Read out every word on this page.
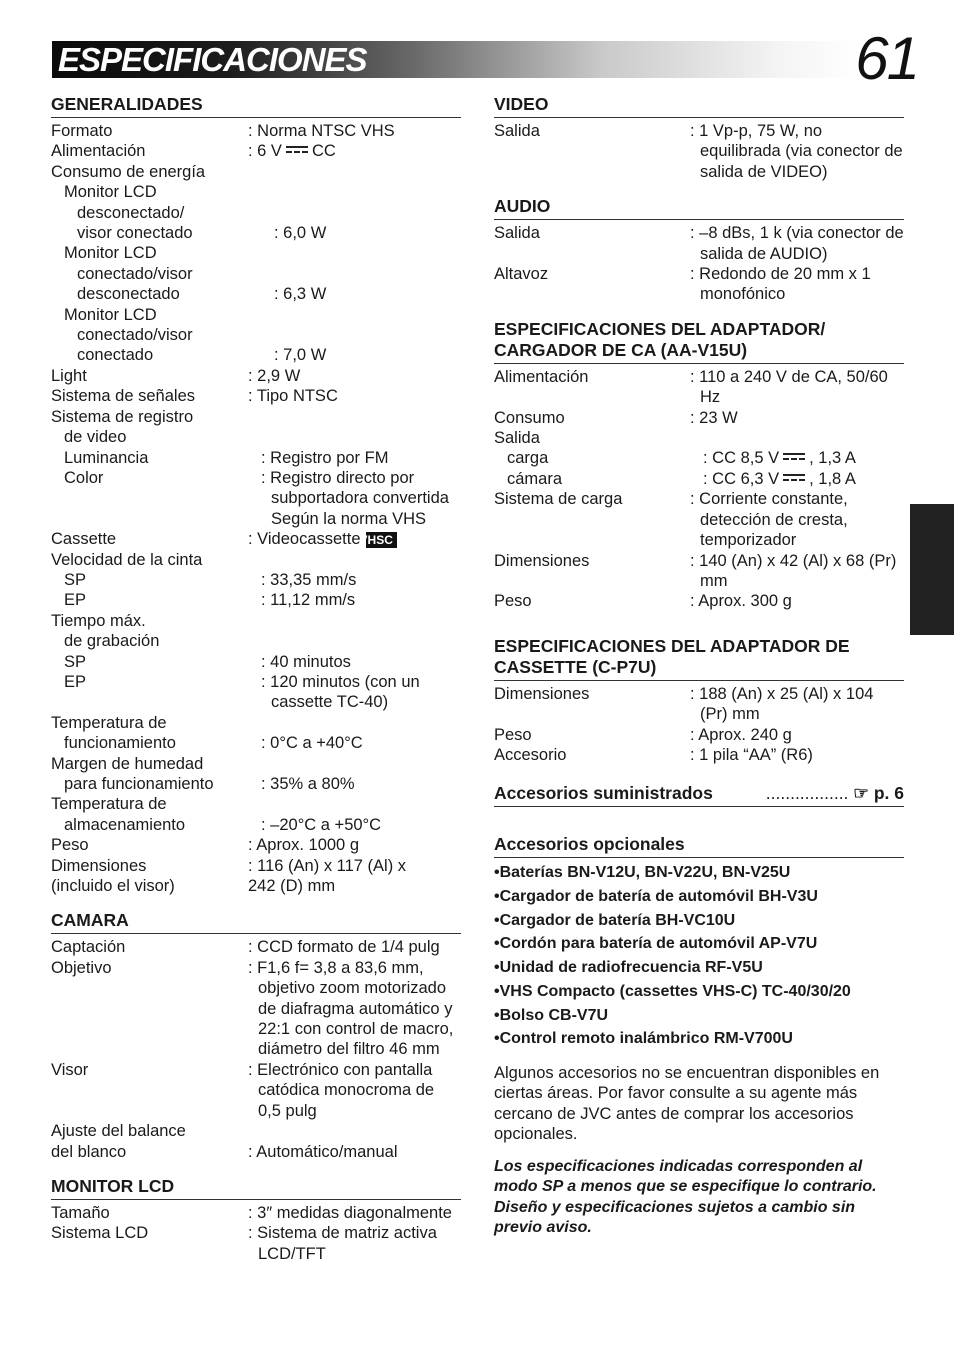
ESPECIFICACIONES	61
GENERALIDADES
Formato	: Norma NTSC VHS
Alimentación	: 6 V CC
Consumo de energía
Monitor LCD
desconectado/
visor conectado	: 6,0 W
Monitor LCD
conectado/visor
desconectado	: 6,3 W
Monitor LCD
conectado/visor
conectado	: 7,0 W
Light	: 2,9 W
Sistema de señales	: Tipo NTSC
Sistema de registro
de video
Luminancia	: Registro por FM
Color	: Registro directo por subportadora convertida Según la norma VHS
Cassette	: VideocassetteVHSC
Velocidad de la cinta
SP	: 33,35 mm/s
EP	: 11,12 mm/s
Tiempo máx.
de grabación
SP	: 40 minutos
EP	: 120 minutos (con un cassette TC-40)
Temperatura de
funcionamiento	: 0°C a +40°C
Margen de humedad
para funcionamiento	: 35% a 80%
Temperatura de
almacenamiento	: –20°C a +50°C
Peso	: Aprox. 1000 g
Dimensiones	: 116 (An) x 117 (Al) x
(incluido el visor)	242 (D) mm
CAMARA
Captación	: CCD formato de 1/4 pulg
Objetivo	: F1,6 f= 3,8 a 83,6 mm, objetivo zoom motorizado de diafragma automático y 22:1 con control de macro, diámetro del filtro 46 mm
Visor	: Electrónico con pantalla catódica monocroma de 0,5 pulg
Ajuste del balance
del blanco	: Automático/manual
MONITOR LCD
Tamaño	: 3″ medidas diagonalmente
Sistema LCD	: Sistema de matriz activa LCD/TFT
VIDEO
Salida	: 1 Vp-p, 75 W, no equilibrada (via conector de salida de VIDEO)
AUDIO
Salida	: –8 dBs, 1 k (via conector de salida de AUDIO)
Altavoz	: Redondo de 20 mm x 1 monofónico
ESPECIFICACIONES DEL ADAPTADOR/ CARGADOR DE CA (AA-V15U)
Alimentación	: 110 a 240 V de CA, 50/60 Hz
Consumo	: 23 W
Salida
carga	: CC 8,5 V , 1,3 A
cámara	: CC 6,3 V , 1,8 A
Sistema de carga	: Corriente constante, detección de cresta, temporizador
Dimensiones	: 140 (An) x 42 (Al) x 68 (Pr) mm
Peso	: Aprox. 300 g
ESPECIFICACIONES DEL ADAPTADOR DE CASSETTE (C-P7U)
Dimensiones	: 188 (An) x 25 (Al) x 104 (Pr) mm
Peso	: Aprox. 240 g
Accesorio	: 1 pila “AA” (R6)
Accesorios suministrados	................. ☞ p. 6
Accesorios opcionales
•Baterías BN-V12U, BN-V22U, BN-V25U
•Cargador de batería de automóvil BH-V3U
•Cargador de batería BH-VC10U
•Cordón para batería de automóvil AP-V7U
•Unidad de radiofrecuencia RF-V5U
•VHS Compacto (cassettes VHS-C) TC-40/30/20
•Bolso CB-V7U
•Control remoto inalámbrico RM-V700U
Algunos accesorios no se encuentran disponibles en ciertas áreas. Por favor consulte a su agente más cercano de JVC antes de comprar los accesorios opcionales.
Los especificaciones indicadas corresponden al modo SP a menos que se especifique lo contrario. Diseño y especificaciones sujetos a cambio sin previo aviso.
